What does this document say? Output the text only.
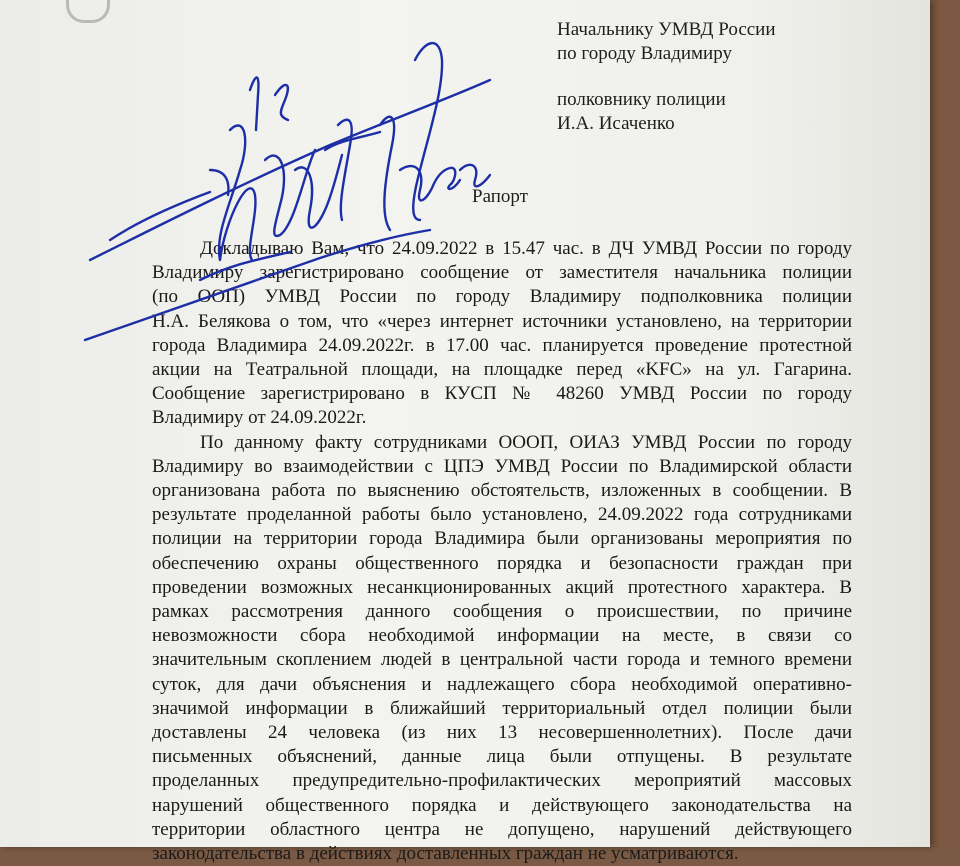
Начальнику УМВД России
по городу Владимиру
полковнику полиции
И.А. Исаченко
Рапорт
Докладываю Вам, что 24.09.2022 в 15.47 час. в ДЧ УМВД России по городу
Владимиру зарегистрировано сообщение от заместителя начальника полиции
(по ООП) УМВД России по городу Владимиру подполковника полиции
Н.А. Белякова о том, что «через интернет источники установлено, на территории
города Владимира 24.09.2022г. в 17.00 час. планируется проведение протестной
акции на Театральной площади, на площадке перед «KFC» на ул. Гагарина.
Сообщение зарегистрировано в КУСП № 48260 УМВД России по городу
Владимиру от 24.09.2022г.
По данному факту сотрудниками ОООП, ОИАЗ УМВД России по городу
Владимиру во взаимодействии с ЦПЭ УМВД России по Владимирской области
организована работа по выяснению обстоятельств, изложенных в сообщении. В
результате проделанной работы было установлено, 24.09.2022 года сотрудниками
полиции на территории города Владимира были организованы мероприятия по
обеспечению охраны общественного порядка и безопасности граждан при
проведении возможных несанкционированных акций протестного характера. В
рамках рассмотрения данного сообщения о происшествии, по причине
невозможности сбора необходимой информации на месте, в связи со
значительным скоплением людей в центральной части города и темного времени
суток, для дачи объяснения и надлежащего сбора необходимой оперативно-
значимой информации в ближайший территориальный отдел полиции были
доставлены 24 человека (из них 13 несовершеннолетних). После дачи
письменных объяснений, данные лица были отпущены. В результате
проделанных предупредительно-профилактических мероприятий массовых
нарушений общественного порядка и действующего законодательства на
территории областного центра не допущено, нарушений действующего
законодательства в действиях доставленных граждан не усматриваются.
